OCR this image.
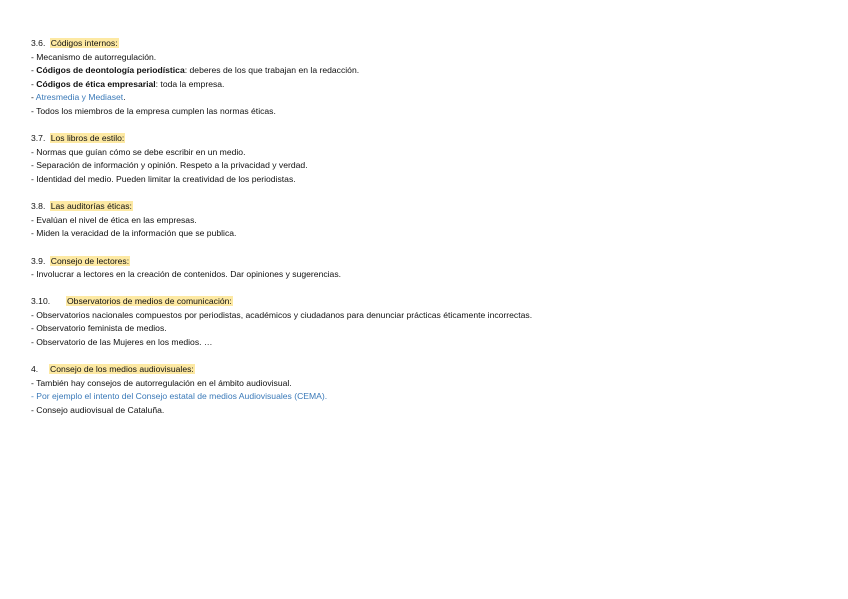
3.6. Códigos internos:
- Mecanismo de autorregulación.
- Códigos de deontología periodística: deberes de los que trabajan en la redacción.
- Códigos de ética empresarial: toda la empresa.
- Atresmedia y Mediaset.
- Todos los miembros de la empresa cumplen las normas éticas.
3.7. Los libros de estilo:
- Normas que guían cómo se debe escribir en un medio.
- Separación de información y opinión. Respeto a la privacidad y verdad.
- Identidad del medio. Pueden limitar la creatividad de los periodistas.
3.8. Las auditorías éticas:
- Evalúan el nivel de ética en las empresas.
- Miden la veracidad de la información que se publica.
3.9. Consejo de lectores:
- Involucrar a lectores en la creación de contenidos. Dar opiniones y sugerencias.
3.10. Observatorios de medios de comunicación:
- Observatorios nacionales compuestos por periodistas, académicos y ciudadanos para denunciar prácticas éticamente incorrectas.
- Observatorio feminista de medios.
- Observatorio de las Mujeres en los medios. …
4. Consejo de los medios audiovisuales:
- También hay consejos de autorregulación en el ámbito audiovisual.
- Por ejemplo el intento del Consejo estatal de medios Audiovisuales (CEMA).
- Consejo audiovisual de Cataluña.
